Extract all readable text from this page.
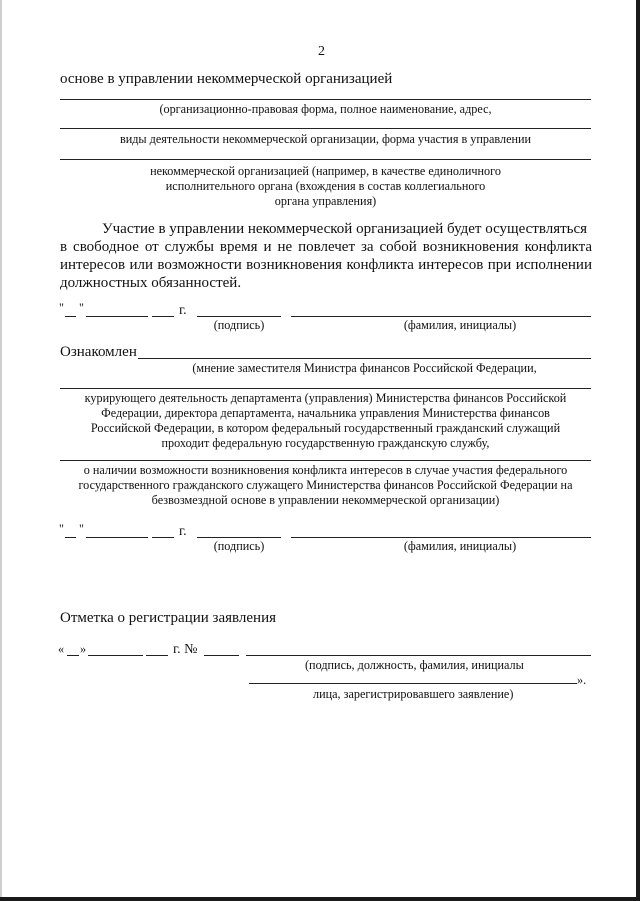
2
основе в управлении некоммерческой организацией
(организационно-правовая форма, полное наименование, адрес,
виды деятельности некоммерческой организации, форма участия в управлении
некоммерческой организацией (например, в качестве единоличного
исполнительного органа (вхождения в состав коллегиального
органа управления)
Участие в управлении некоммерческой организацией будет осуществляться
в свободное от службы время и не повлечет за собой возникновения конфликта
интересов или возможности возникновения конфликта интересов при исполнении
должностных обязанностей.
" "	г.
(подпись)	(фамилия, инициалы)
Ознакомлен
(мнение заместителя Министра финансов Российской Федерации,
курирующего деятельность департамента (управления) Министерства финансов Российской
Федерации, директора департамента, начальника управления Министерства финансов
Российской Федерации, в котором федеральный государственный гражданский служащий
проходит федеральную государственную гражданскую службу,
о наличии возможности возникновения конфликта интересов в случае участия федерального
государственного гражданского служащего Министерства финансов Российской Федерации на
безвозмездной основе в управлении некоммерческой организации)
" "	г.
(подпись)	(фамилия, инициалы)
Отметка о регистрации заявления
« »	г. №
(подпись, должность, фамилия, инициалы
».
лица, зарегистрировавшего заявление)
